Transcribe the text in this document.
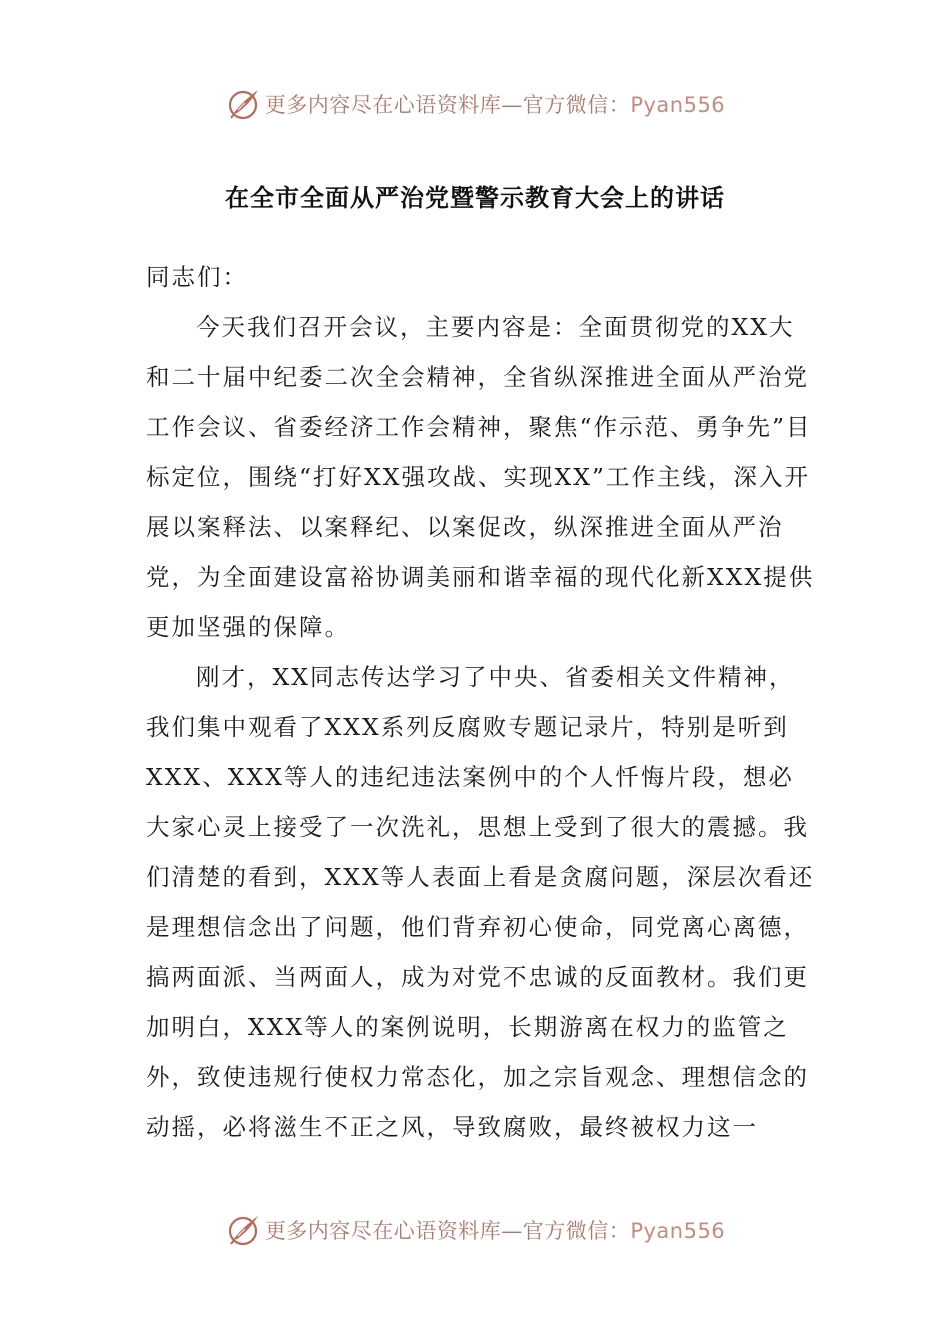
更多内容尽在心语资料库—官方微信：Pyan556
在全市全面从严治党暨警示教育大会上的讲话

同志们：

今天我们召开会议，主要内容是：全面贯彻党的XX大和二十届中纪委二次全会精神，全省纵深推进全面从严治党工作会议、省委经济工作会精神，聚焦“作示范、勇争先”目标定位，围绕“打好XX强攻战、实现XX”工作主线，深入开展以案释法、以案释纪、以案促改，纵深推进全面从严治党，为全面建设富裕协调美丽和谐幸福的现代化新XXX提供更加坚强的保障。

刚才，XX同志传达学习了中央、省委相关文件精神，我们集中观看了XXX系列反腐败专题记录片，特别是听到XXX、XXX等人的违纪违法案例中的个人忏悔片段，想必大家心灵上接受了一次洗礼，思想上受到了很大的震撼。我们清楚的看到，XXX等人表面上看是贪腐问题，深层次看还是理想信念出了问题，他们背弃初心使命，同党离心离德，搞两面派、当两面人，成为对党不忠诚的反面教材。我们更加明白，XXX等人的案例说明，长期游离在权力的监管之外，致使违规行使权力常态化，加之宗旨观念、理想信念的动摇，必将滋生不正之风，导致腐败，最终被权力这一

更多内容尽在心语资料库—官方微信：Pyan556
